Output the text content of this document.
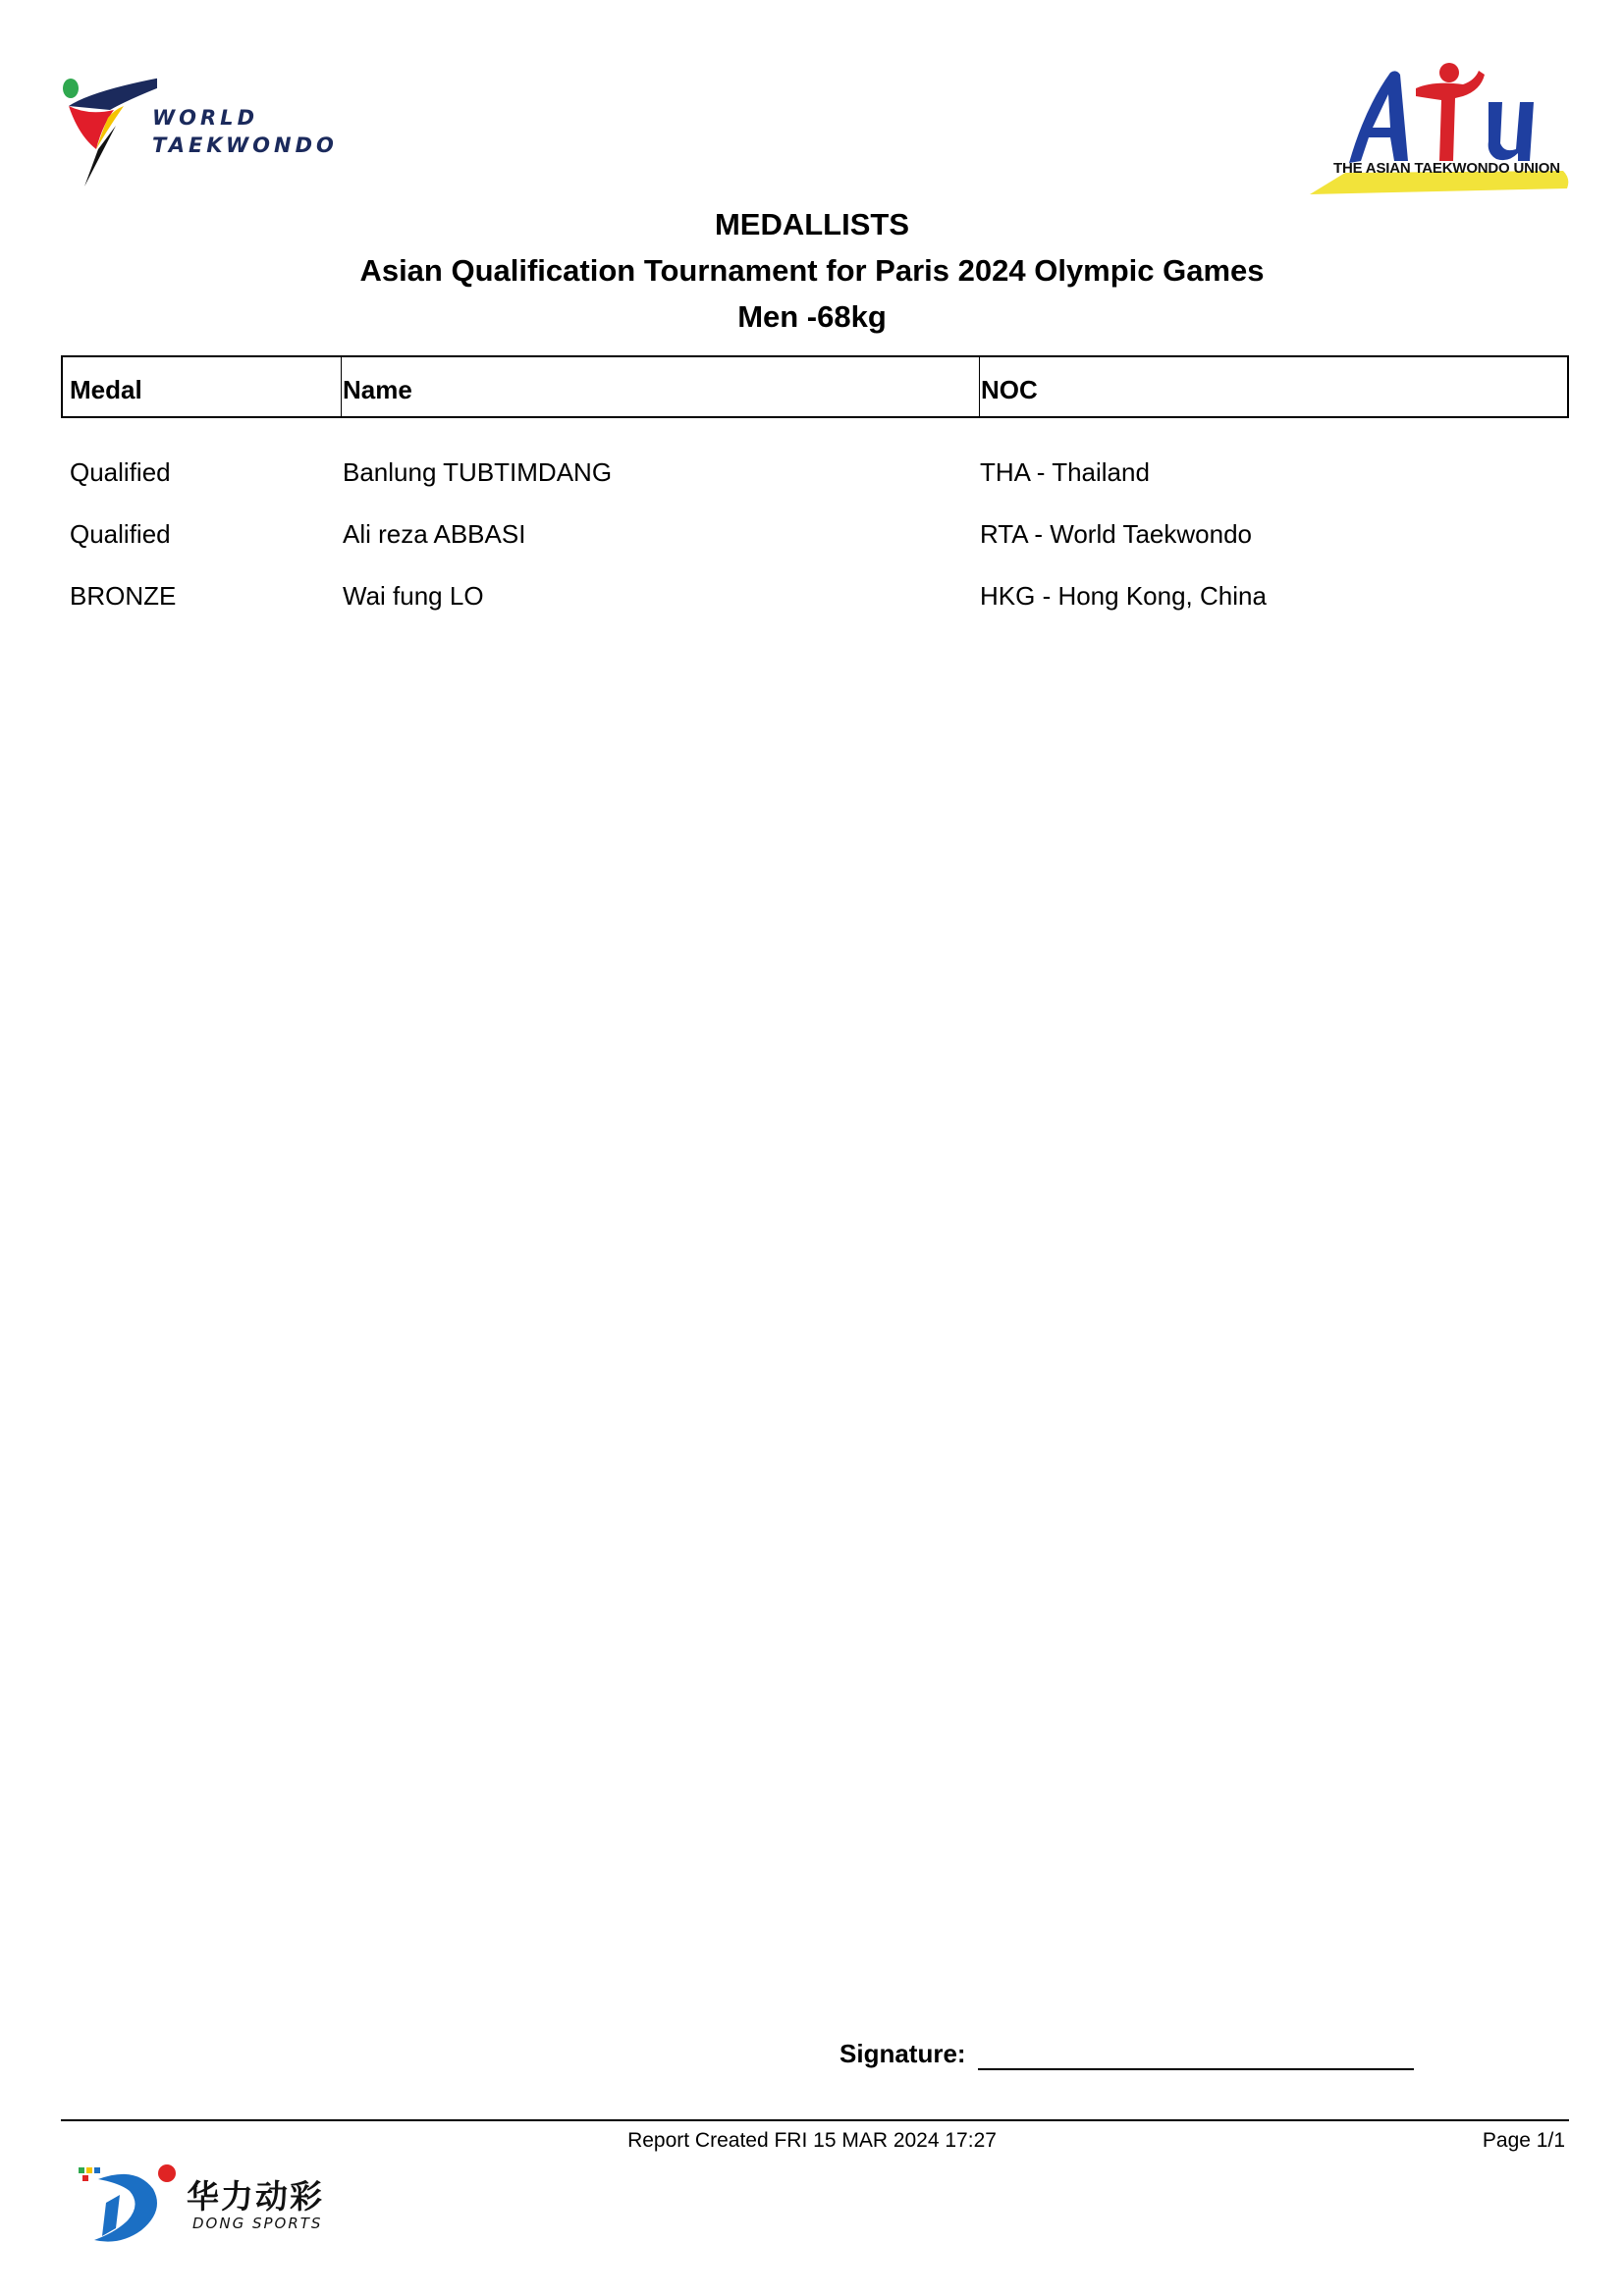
WORLD
TAEKWONDO
THE ASIAN TAEKWONDO UNION
MEDALLISTS
Asian Qualification Tournament for Paris 2024 Olympic Games
Men -68kg
Medal	Name	NOC
Qualified	Banlung TUBTIMDANG	THA - Thailand
Qualified	Ali reza ABBASI	RTA - World Taekwondo
BRONZE	Wai fung LO	HKG - Hong Kong, China
Signature:
Report Created FRI 15 MAR 2024 17:27	Page 1/1
华力动彩
DONG SPORTS
